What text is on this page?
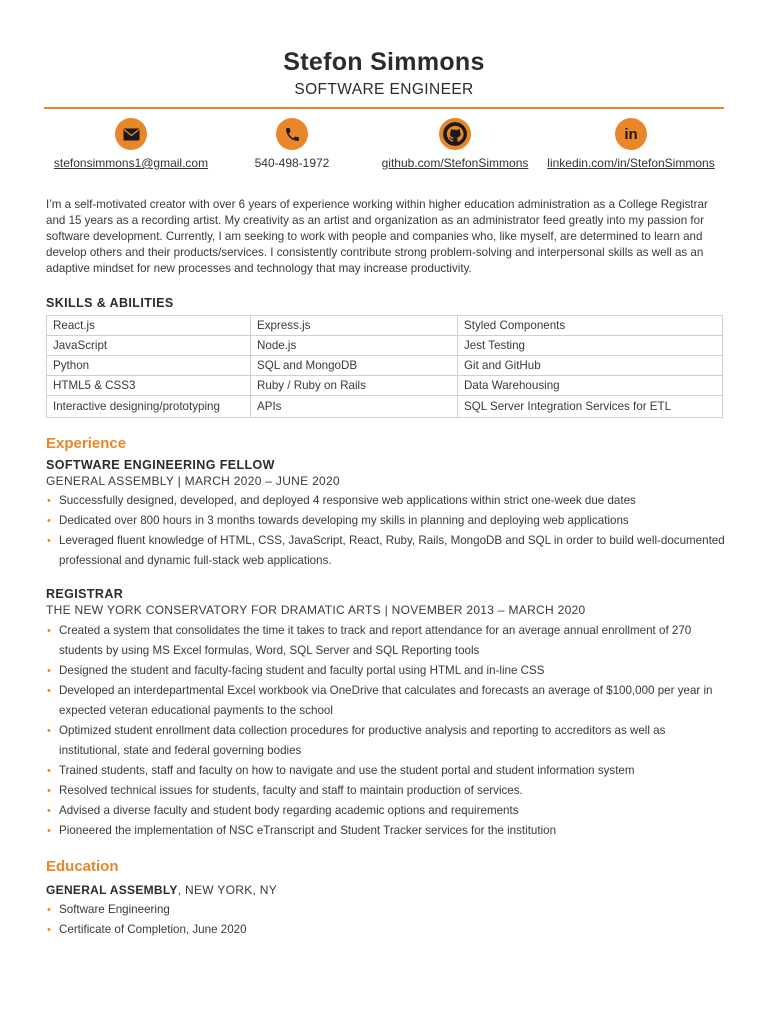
Stefon Simmons
SOFTWARE ENGINEER
stefonsimmons1@gmail.com	540-498-1972	github.com/StefonSimmons
in
linkedin.com/in/StefonSimmons
I’m a self-motivated creator with over 6 years of experience working within higher education administration as a College Registrar and 15 years as a recording artist. My creativity as an artist and organization as an administrator feed greatly into my passion for software development. Currently, I am seeking to work with people and companies who, like myself, are determined to learn and develop others and their products/services. I consistently contribute strong problem-solving and interpersonal skills as well as an adaptive mindset for new processes and technology that may increase productivity.
SKILLS & ABILITIES
React.js	Express.js	Styled Components
JavaScript	Node.js	Jest Testing
Python	SQL and MongoDB	Git and GitHub
HTML5 & CSS3	Ruby / Ruby on Rails	Data Warehousing
Interactive designing/prototyping	APIs	SQL Server Integration Services for ETL
Experience
SOFTWARE ENGINEERING FELLOW
GENERAL ASSEMBLY | MARCH 2020 – JUNE 2020
• Successfully designed, developed, and deployed 4 responsive web applications within strict one-week due dates
• Dedicated over 800 hours in 3 months towards developing my skills in planning and deploying web applications
• Leveraged fluent knowledge of HTML, CSS, JavaScript, React, Ruby, Rails, MongoDB and SQL in order to build well-documented professional and dynamic full-stack web applications.
REGISTRAR
THE NEW YORK CONSERVATORY FOR DRAMATIC ARTS | NOVEMBER 2013 – MARCH 2020
• Created a system that consolidates the time it takes to track and report attendance for an average annual enrollment of 270 students by using MS Excel formulas, Word, SQL Server and SQL Reporting tools
• Designed the student and faculty-facing student and faculty portal using HTML and in-line CSS
• Developed an interdepartmental Excel workbook via OneDrive that calculates and forecasts an average of $100,000 per year in expected veteran educational payments to the school
• Optimized student enrollment data collection procedures for productive analysis and reporting to accreditors as well as institutional, state and federal governing bodies
• Trained students, staff and faculty on how to navigate and use the student portal and student information system
• Resolved technical issues for students, faculty and staff to maintain production of services.
• Advised a diverse faculty and student body regarding academic options and requirements
• Pioneered the implementation of NSC eTranscript and Student Tracker services for the institution
Education
GENERAL ASSEMBLY, NEW YORK, NY
• Software Engineering
• Certificate of Completion, June 2020
